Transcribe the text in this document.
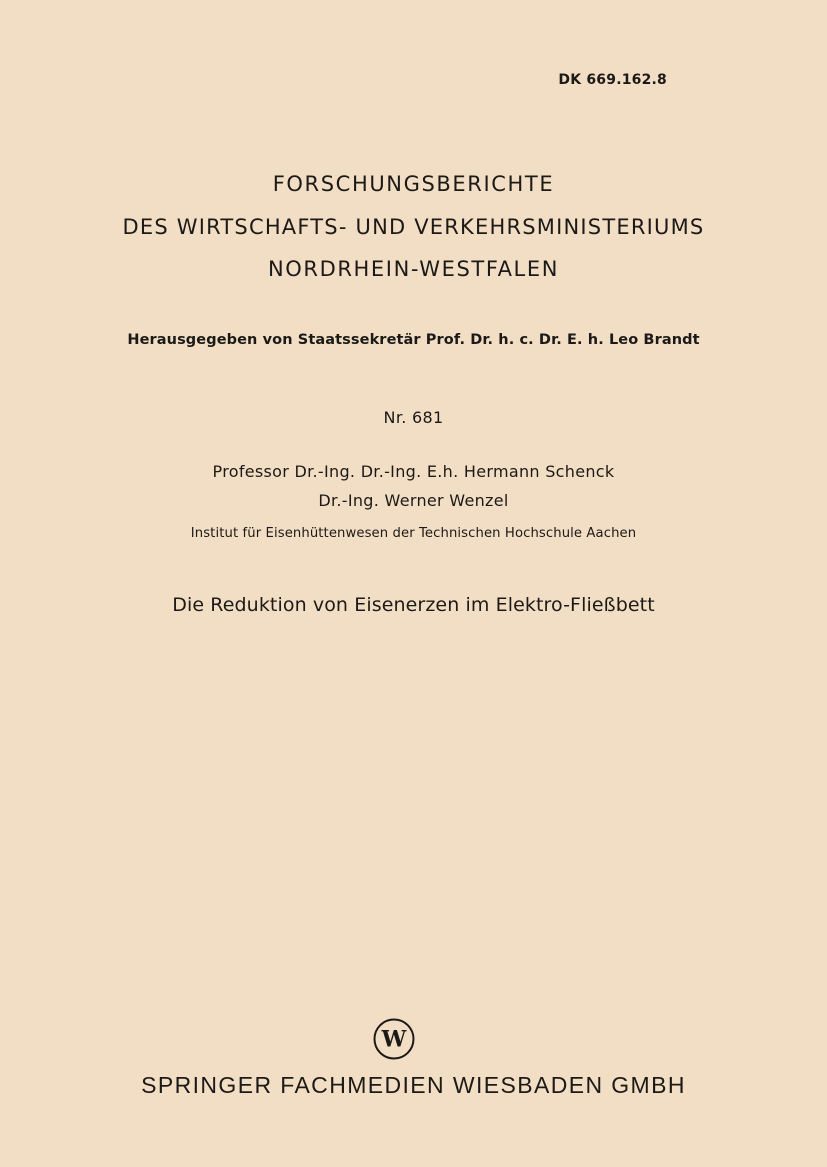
DK 669.162.8
FORSCHUNGSBERICHTE
DES WIRTSCHAFTS- UND VERKEHRSMINISTERIUMS
NORDRHEIN-WESTFALEN
Herausgegeben von Staatssekretär Prof. Dr. h. c. Dr. E. h. Leo Brandt
Nr. 681
Professor Dr.-Ing. Dr.-Ing. E.h. Hermann Schenck
Dr.-Ing. Werner Wenzel
Institut für Eisenhüttenwesen der Technischen Hochschule Aachen
Die Reduktion von Eisenerzen im Elektro-Fließbett
W
SPRINGER FACHMEDIEN WIESBADEN GMBH
